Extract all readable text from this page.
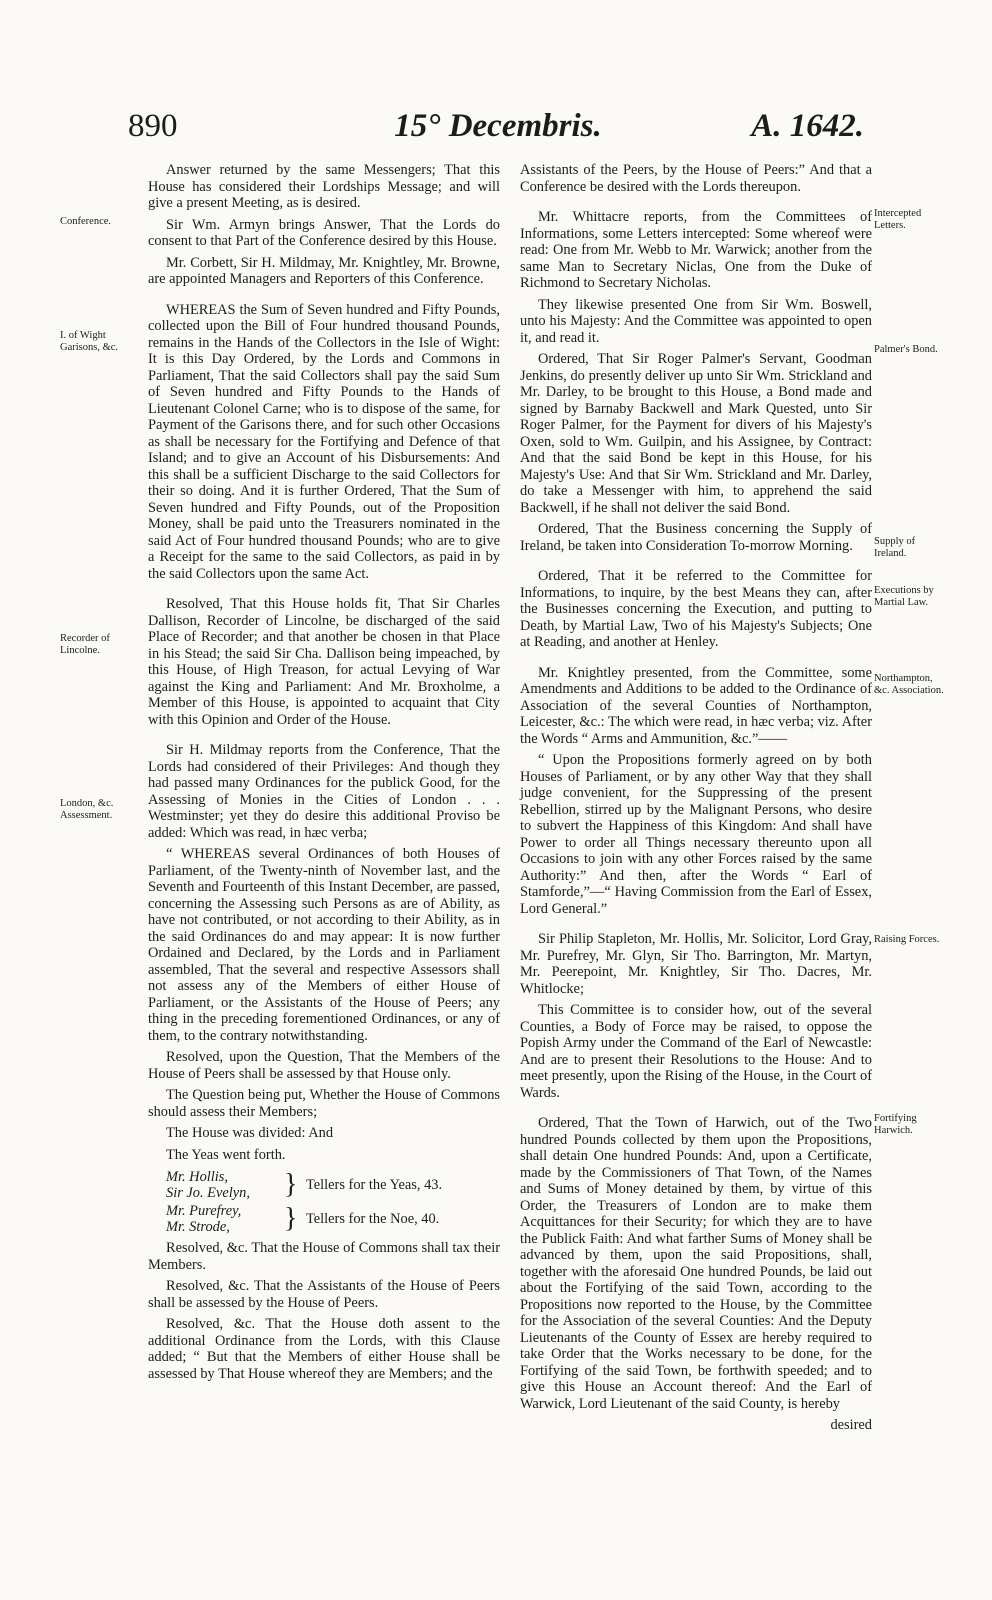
890	15° Decembris.	A. 1642.
Conference.
I. of Wight Garisons, &c.
Recorder of Lincolne.
London, &c. Assessment.
Intercepted Letters.
Palmer's Bond.
Supply of Ireland.
Executions by Martial Law.
Northampton, &c. Association.
Raising Forces.
Fortifying Harwich.

Answer returned by the same Messengers; That this House has considered their Lordships Message; and will give a present Meeting, as is desired.

Sir Wm. Armyn brings Answer, That the Lords do consent to that Part of the Conference desired by this House.

Mr. Corbett, Sir H. Mildmay, Mr. Knightley, Mr. Browne, are appointed Managers and Reporters of this Conference.

WHEREAS the Sum of Seven hundred and Fifty Pounds, collected upon the Bill of Four hundred thousand Pounds, remains in the Hands of the Collectors in the Isle of Wight: It is this Day Ordered, by the Lords and Commons in Parliament, That the said Collectors shall pay the said Sum of Seven hundred and Fifty Pounds to the Hands of Lieutenant Colonel Carne; who is to dispose of the same, for Payment of the Garisons there, and for such other Occasions as shall be necessary for the Fortifying and Defence of that Island; and to give an Account of his Disbursements: And this shall be a sufficient Discharge to the said Collectors for their so doing. And it is further Ordered, That the Sum of Seven hundred and Fifty Pounds, out of the Proposition Money, shall be paid unto the Treasurers nominated in the said Act of Four hundred thousand Pounds; who are to give a Receipt for the same to the said Collectors, as paid in by the said Collectors upon the same Act.

Resolved, That this House holds fit, That Sir Charles Dallison, Recorder of Lincolne, be discharged of the said Place of Recorder; and that another be chosen in that Place in his Stead; the said Sir Cha. Dallison being impeached, by this House, of High Treason, for actual Levying of War against the King and Parliament: And Mr. Broxholme, a Member of this House, is appointed to acquaint that City with this Opinion and Order of the House.

Sir H. Mildmay reports from the Conference, That the Lords had considered of their Privileges: And though they had passed many Ordinances for the publick Good, for the Assessing of Monies in the Cities of London . . . Westminster; yet they do desire this additional Proviso be added: Which was read, in hæc verba;

“ WHEREAS several Ordinances of both Houses of Parliament, of the Twenty-ninth of November last, and the Seventh and Fourteenth of this Instant December, are passed, concerning the Assessing such Persons as are of Ability, as have not contributed, or not according to their Ability, as in the said Ordinances do and may appear: It is now further Ordained and Declared, by the Lords and in Parliament assembled, That the several and respective Assessors shall not assess any of the Members of either House of Parliament, or the Assistants of the House of Peers; any thing in the preceding forementioned Ordinances, or any of them, to the contrary notwithstanding.

Resolved, upon the Question, That the Members of the House of Peers shall be assessed by that House only.

The Question being put, Whether the House of Commons should assess their Members;

The House was divided: And

The Yeas went forth.

Mr. Hollis,
Sir Jo. Evelyn,	} Tellers for the Yeas, 43.
Mr. Purefrey,
Mr. Strode,	} Tellers for the Noe, 40.

Resolved, &c. That the House of Commons shall tax their Members.

Resolved, &c. That the Assistants of the House of Peers shall be assessed by the House of Peers.

Resolved, &c. That the House doth assent to the additional Ordinance from the Lords, with this Clause added; “ But that the Members of either House shall be assessed by That House whereof they are Members; and the

Assistants of the Peers, by the House of Peers:” And that a Conference be desired with the Lords thereupon.

Mr. Whittacre reports, from the Committees of Informations, some Letters intercepted: Some whereof were read: One from Mr. Webb to Mr. Warwick; another from the same Man to Secretary Niclas, One from the Duke of Richmond to Secretary Nicholas.

They likewise presented One from Sir Wm. Boswell, unto his Majesty: And the Committee was appointed to open it, and read it.

Ordered, That Sir Roger Palmer's Servant, Goodman Jenkins, do presently deliver up unto Sir Wm. Strickland and Mr. Darley, to be brought to this House, a Bond made and signed by Barnaby Backwell and Mark Quested, unto Sir Roger Palmer, for the Payment for divers of his Majesty's Oxen, sold to Wm. Guilpin, and his Assignee, by Contract: And that the said Bond be kept in this House, for his Majesty's Use: And that Sir Wm. Strickland and Mr. Darley, do take a Messenger with him, to apprehend the said Backwell, if he shall not deliver the said Bond.

Ordered, That the Business concerning the Supply of Ireland, be taken into Consideration To-morrow Morning.

Ordered, That it be referred to the Committee for Informations, to inquire, by the best Means they can, after the Businesses concerning the Execution, and putting to Death, by Martial Law, Two of his Majesty's Subjects; One at Reading, and another at Henley.

Mr. Knightley presented, from the Committee, some Amendments and Additions to be added to the Ordinance of Association of the several Counties of Northampton, Leicester, &c.: The which were read, in hæc verba; viz. After the Words “ Arms and Ammunition, &c.”——

“ Upon the Propositions formerly agreed on by both Houses of Parliament, or by any other Way that they shall judge convenient, for the Suppressing of the present Rebellion, stirred up by the Malignant Persons, who desire to subvert the Happiness of this Kingdom: And shall have Power to order all Things necessary thereunto upon all Occasions to join with any other Forces raised by the same Authority:” And then, after the Words “ Earl of Stamforde,”—“ Having Commission from the Earl of Essex, Lord General.”

Sir Philip Stapleton, Mr. Hollis, Mr. Solicitor, Lord Gray, Mr. Purefrey, Mr. Glyn, Sir Tho. Barrington, Mr. Martyn, Mr. Peerepoint, Mr. Knightley, Sir Tho. Dacres, Mr. Whitlocke;

This Committee is to consider how, out of the several Counties, a Body of Force may be raised, to oppose the Popish Army under the Command of the Earl of Newcastle: And are to present their Resolutions to the House: And to meet presently, upon the Rising of the House, in the Court of Wards.

Ordered, That the Town of Harwich, out of the Two hundred Pounds collected by them upon the Propositions, shall detain One hundred Pounds: And, upon a Certificate, made by the Commissioners of That Town, of the Names and Sums of Money detained by them, by virtue of this Order, the Treasurers of London are to make them Acquittances for their Security; for which they are to have the Publick Faith: And what farther Sums of Money shall be advanced by them, upon the said Propositions, shall, together with the aforesaid One hundred Pounds, be laid out about the Fortifying of the said Town, according to the Propositions now reported to the House, by the Committee for the Association of the several Counties: And the Deputy Lieutenants of the County of Essex are hereby required to take Order that the Works necessary to be done, for the Fortifying of the said Town, be forthwith speeded; and to give this House an Account thereof: And the Earl of Warwick, Lord Lieutenant of the said County, is hereby

desired
